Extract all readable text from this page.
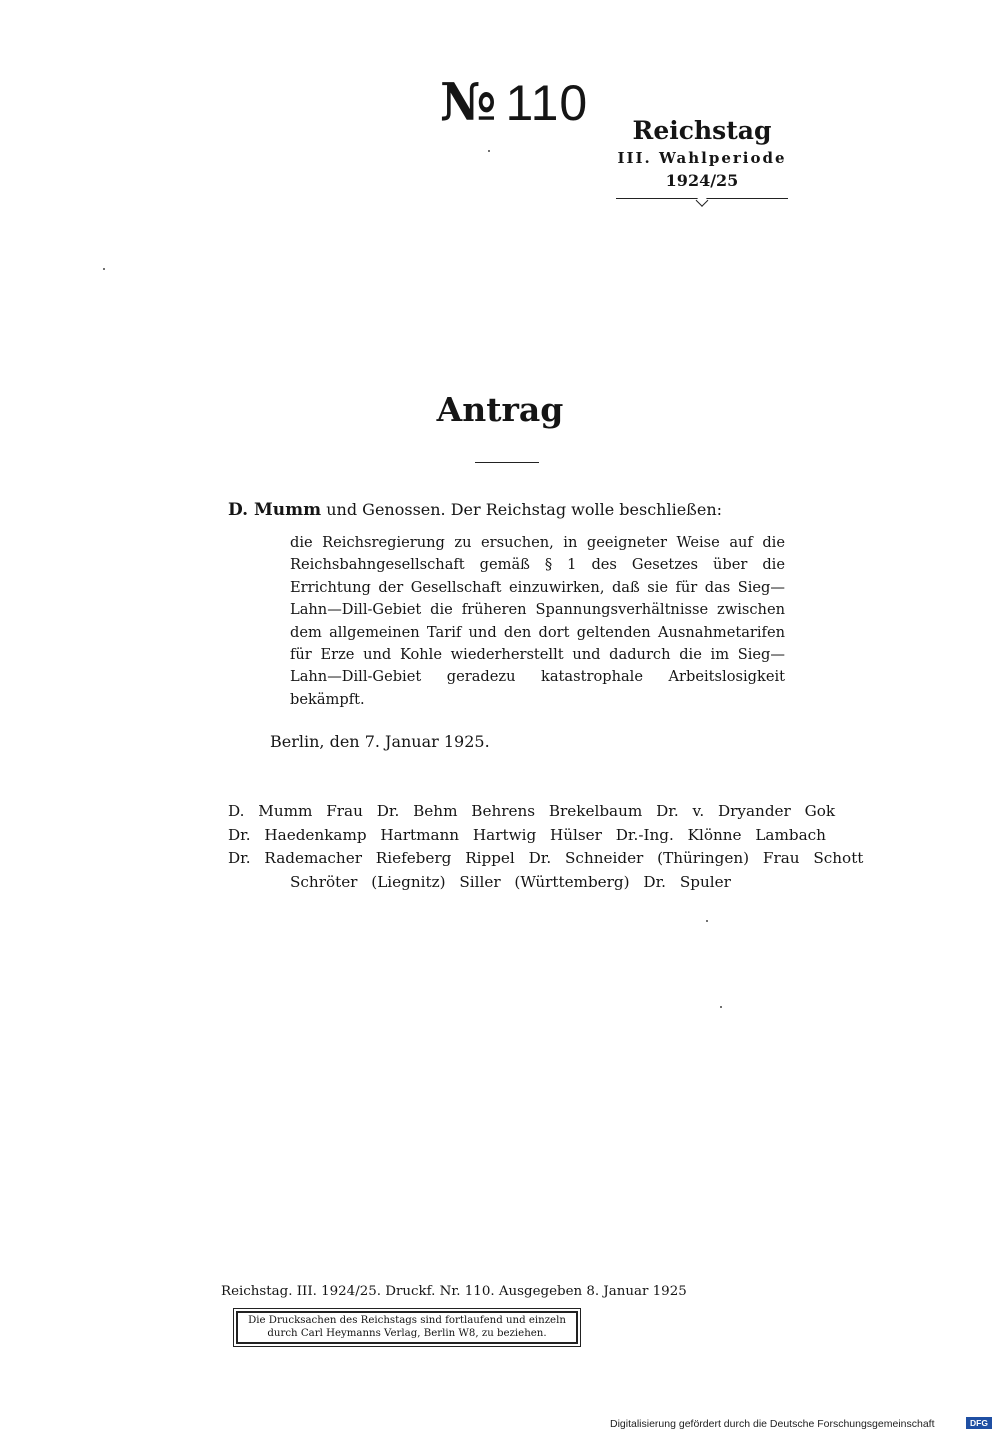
№ 110	Reichstag
III. Wahlperiode
1924/25
Antrag
D. Mumm und Genossen. Der Reichstag wolle beschließen:
die Reichsregierung zu ersuchen, in geeigneter Weise auf die Reichsbahngesellschaft gemäß § 1 des Gesetzes über die Errichtung der Gesellschaft einzuwirken, daß sie für das Sieg—Lahn—Dill-Gebiet die früheren Spannungsverhältnisse zwischen dem allgemeinen Tarif und den dort geltenden Ausnahmetarifen für Erze und Kohle wiederherstellt und dadurch die im Sieg—Lahn—Dill-Gebiet geradezu katastrophale Arbeitslosigkeit bekämpft.
Berlin, den 7. Januar 1925.
D. Mumm Frau Dr. Behm Behrens Brekelbaum Dr. v. Dryander Gok
Dr. Haedenkamp Hartmann Hartwig Hülser Dr.-Ing. Klönne Lambach
Dr. Rademacher Riefeberg Rippel Dr. Schneider (Thüringen) Frau Schott
Schröter (Liegnitz) Siller (Württemberg) Dr. Spuler
Reichstag. III. 1924/25. Druckf. Nr. 110. Ausgegeben 8. Januar 1925
Die Drucksachen des Reichstags sind fortlaufend und einzeln
durch Carl Heymanns Verlag, Berlin W8, zu beziehen.
Digitalisierung gefördert durch die Deutsche Forschungsgemeinschaft	DFG
